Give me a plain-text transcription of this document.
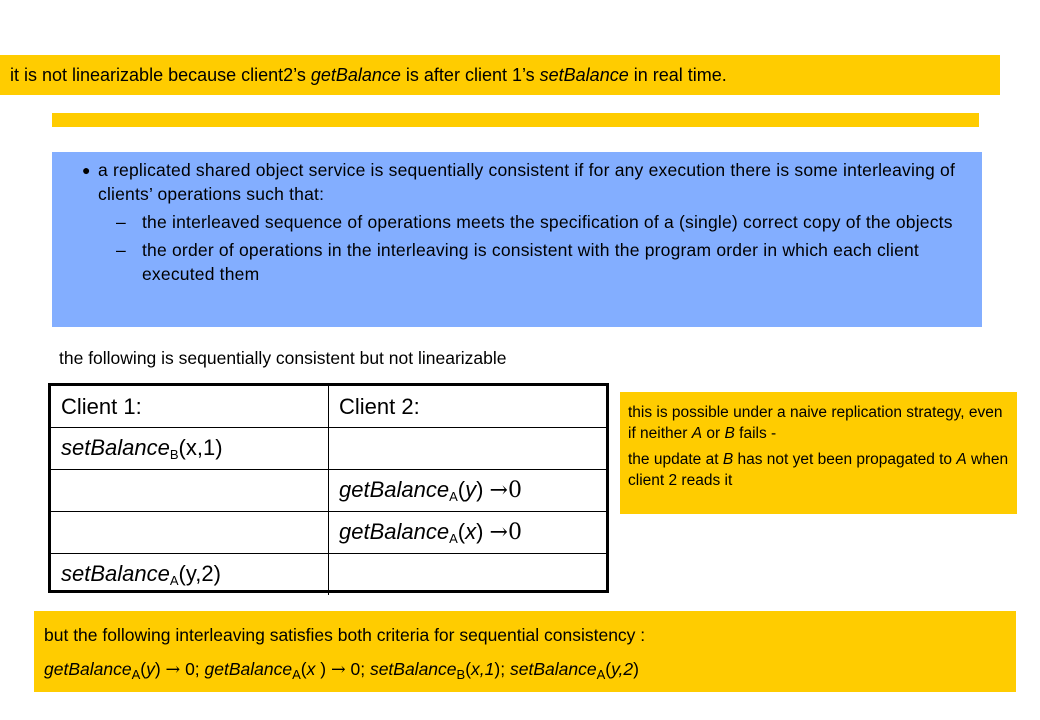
it is not linearizable because client2’s getBalance is after client 1’s setBalance in real time.
● a replicated shared object service is sequentially consistent if for any execution there is some interleaving of clients’ operations such that:
– the interleaved sequence of operations meets the specification of a (single) correct copy of the objects
– the order of operations in the interleaving is consistent with the program order in which each client executed them
the following is sequentially consistent but not linearizable
Client 1:	Client 2:
setBalance$_B$(x,1)	
	getBalance$_A$(y) →0
	getBalance$_A$(x) →0
setBalance$_A$(y,2)	

this is possible under a naive replication strategy, even if neither A or B fails -

the update at B has not yet been propagated to A when client 2 reads it

but the following interleaving satisfies both criteria for sequential consistency :

getBalance$_A$(y) → 0; getBalance$_A$(x ) → 0; setBalance$_B$(x,1); setBalance$_A$(y,2)
